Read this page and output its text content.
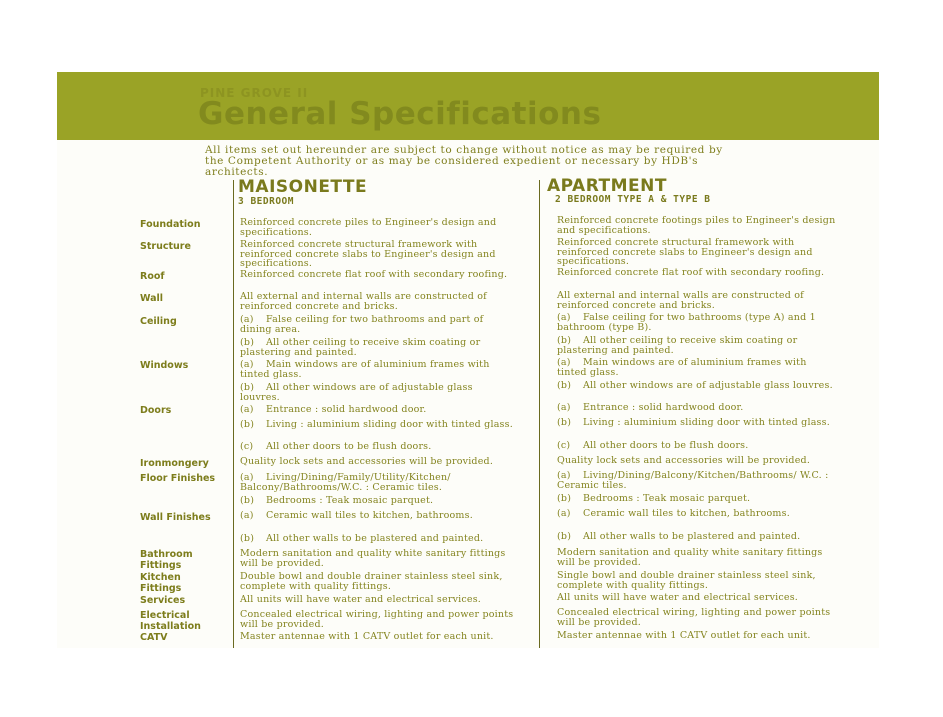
PINE GROVE II
General Specifications
All items set out hereunder are subject to change without notice as may be required by the Competent Authority or as may be considered expedient or necessary by HDB's architects.
MAISONETTE
3 BEDROOM
APARTMENT
2 BEDROOM TYPE A & TYPE B
Foundation
Structure
Roof
Wall
Ceiling
Windows
Doors
Ironmongery
Floor Finishes
Wall Finishes
Bathroom Fittings
Kitchen Fittings
Services
Electrical Installation
CATV
Reinforced concrete piles to Engineer's design and specifications.
Reinforced concrete structural framework with reinforced concrete slabs to Engineer's design and specifications.
Reinforced concrete flat roof with secondary roofing.
All external and internal walls are constructed of reinforced concrete and bricks.
(a) False ceiling for two bathrooms and part of dining area.
(b) All other ceiling to receive skim coating or plastering and painted.
(a) Main windows are of aluminium frames with tinted glass.
(b) All other windows are of adjustable glass louvres.
(a) Entrance : solid hardwood door.
(b) Living : aluminium sliding door with tinted glass.
(c) All other doors to be flush doors.
Quality lock sets and accessories will be provided.
(a) Living/Dining/Family/Utility/Kitchen/ Balcony/Bathrooms/W.C. : Ceramic tiles.
(b) Bedrooms : Teak mosaic parquet.
(a) Ceramic wall tiles to kitchen, bathrooms.
(b) All other walls to be plastered and painted.
Modern sanitation and quality white sanitary fittings will be provided.
Double bowl and double drainer stainless steel sink, complete with quality fittings.
All units will have water and electrical services.
Concealed electrical wiring, lighting and power points will be provided.
Master antennae with 1 CATV outlet for each unit.
Reinforced concrete footings piles to Engineer's design and specifications.
Reinforced concrete structural framework with reinforced concrete slabs to Engineer's design and specifications.
Reinforced concrete flat roof with secondary roofing.
All external and internal walls are constructed of reinforced concrete and bricks.
(a) False ceiling for two bathrooms (type A) and 1 bathroom (type B).
(b) All other ceiling to receive skim coating or plastering and painted.
(a) Main windows are of aluminium frames with tinted glass.
(b) All other windows are of adjustable glass louvres.
(a) Entrance : solid hardwood door.
(b) Living : aluminium sliding door with tinted glass.
(c) All other doors to be flush doors.
Quality lock sets and accessories will be provided.
(a) Living/Dining/Balcony/Kitchen/Bathrooms/ W.C. : Ceramic tiles.
(b) Bedrooms : Teak mosaic parquet.
(a) Ceramic wall tiles to kitchen, bathrooms.
(b) All other walls to be plastered and painted.
Modern sanitation and quality white sanitary fittings will be provided.
Single bowl and double drainer stainless steel sink, complete with quality fittings.
All units will have water and electrical services.
Concealed electrical wiring, lighting and power points will be provided.
Master antennae with 1 CATV outlet for each unit.
